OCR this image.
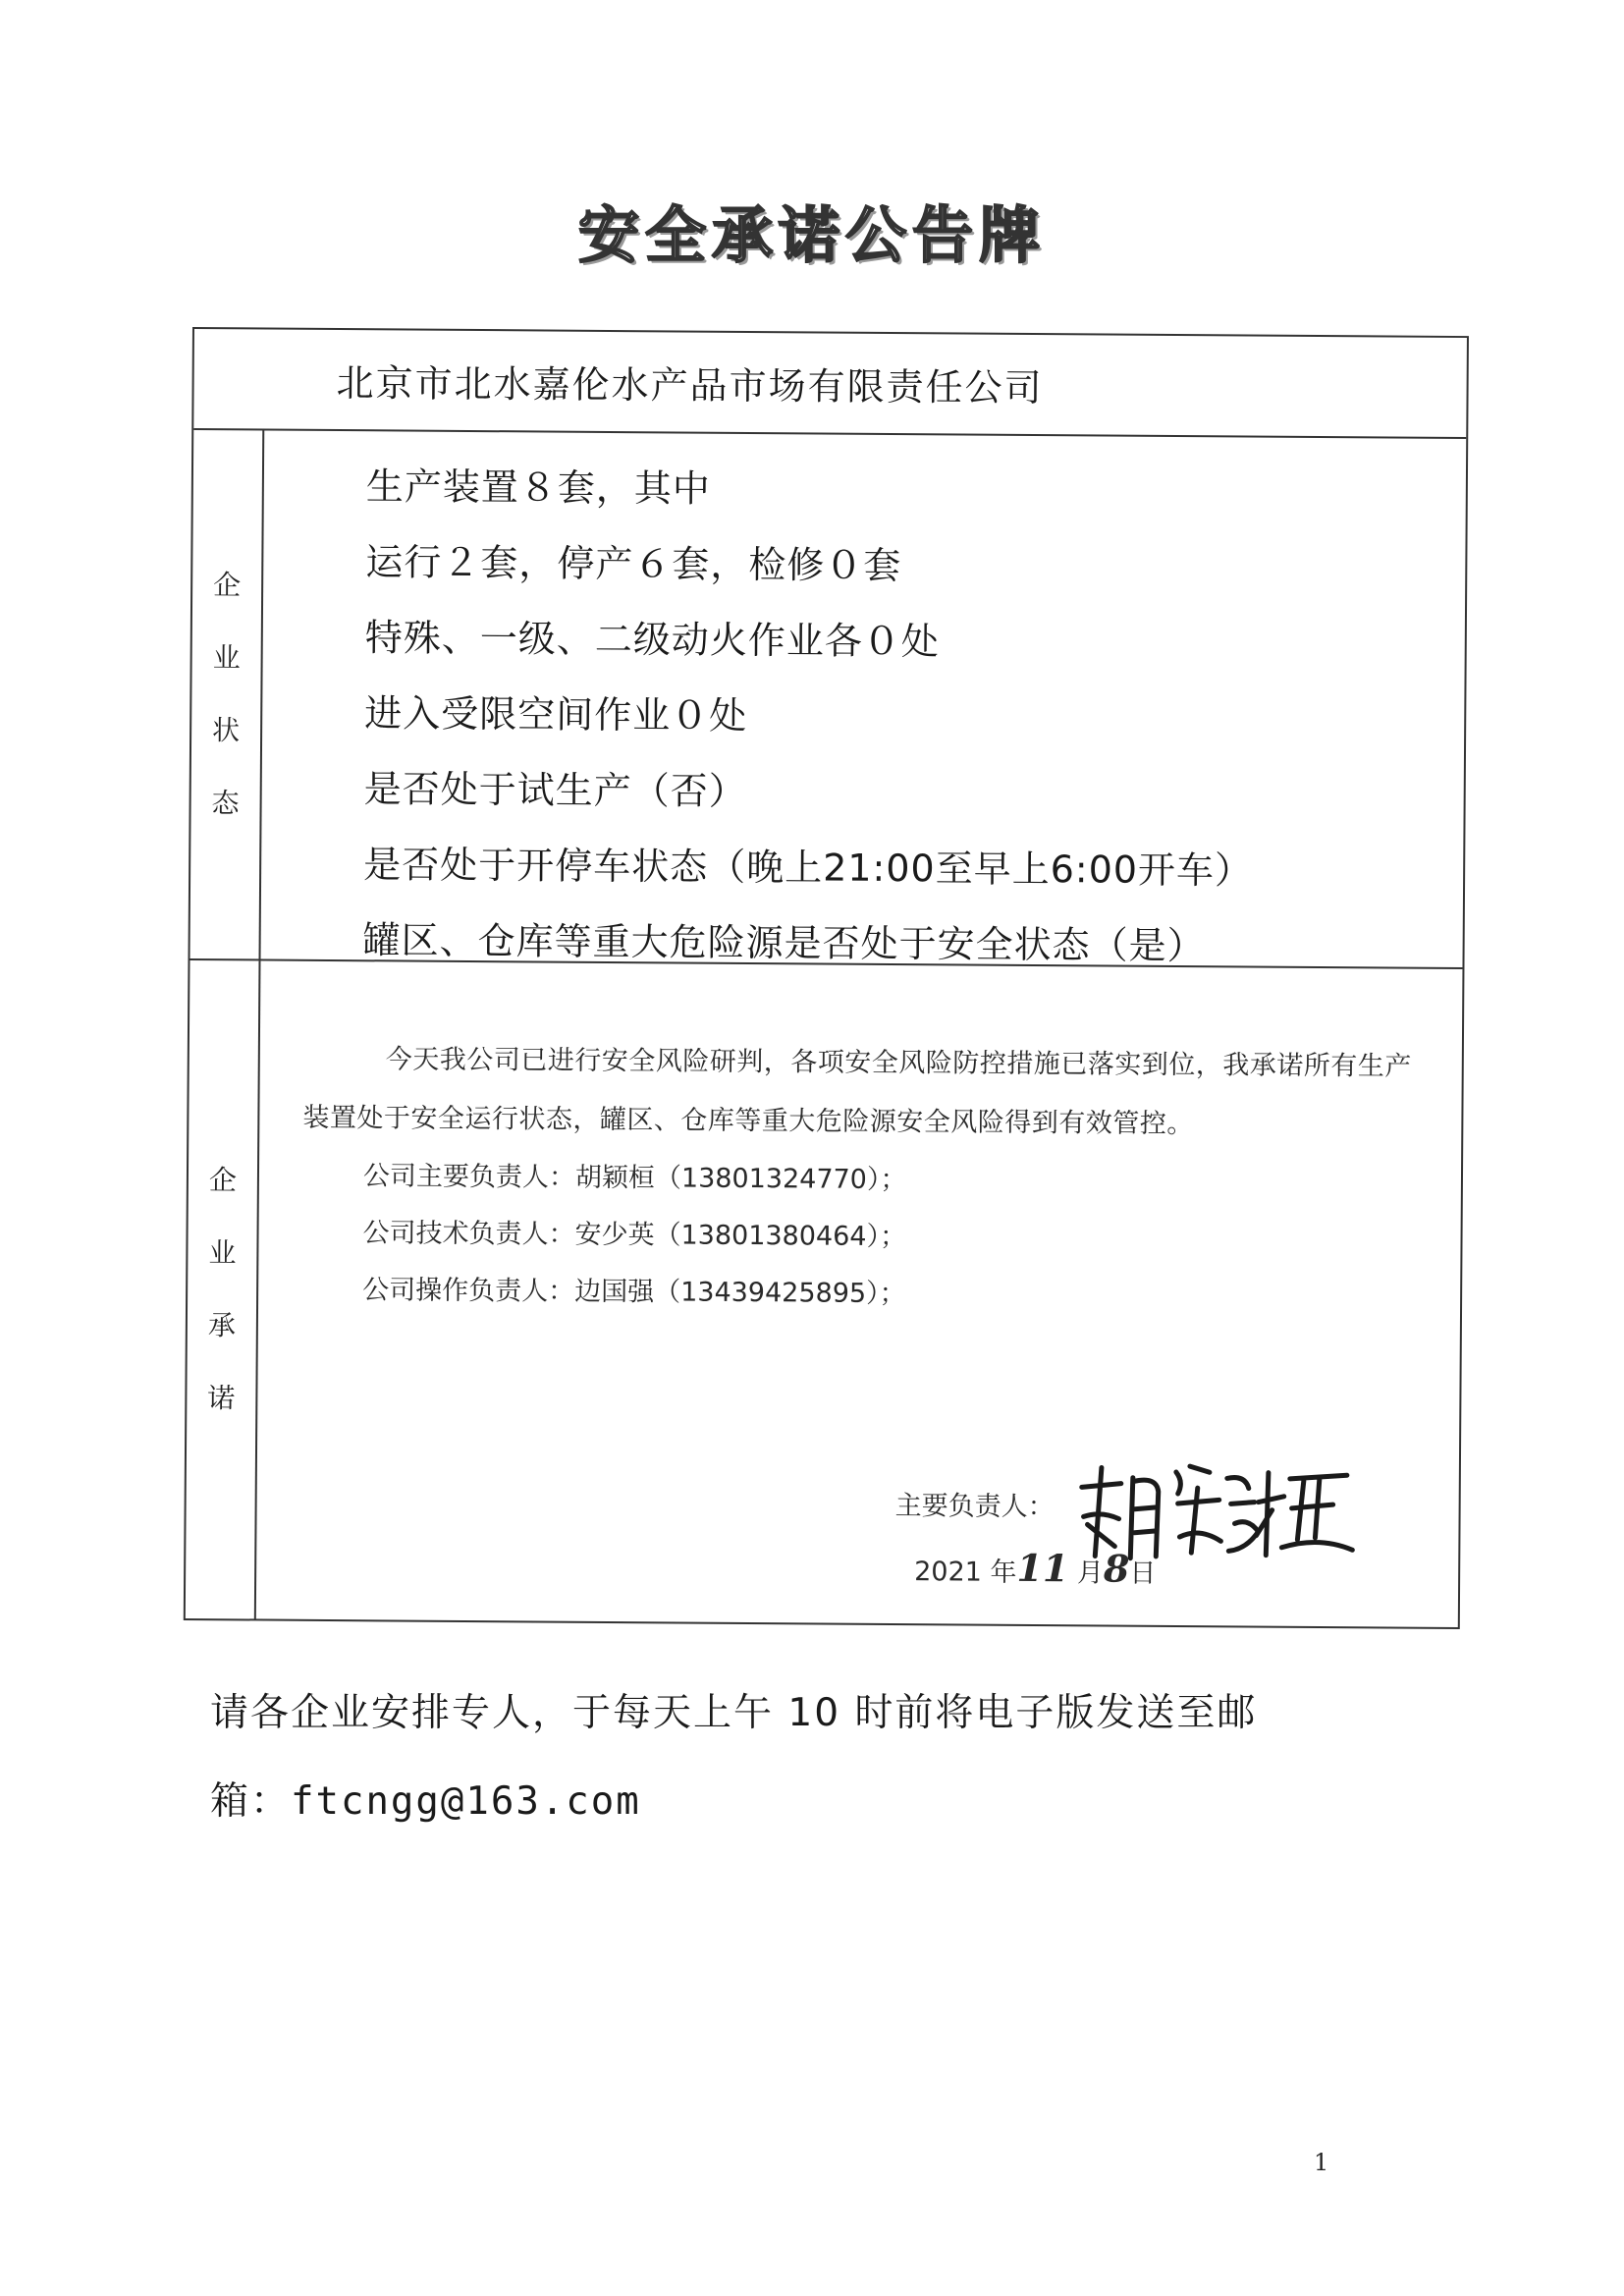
安全承诺公告牌
北京市北水嘉伦水产品市场有限责任公司
企
业
状
态
生产装置８套，其中
运行２套，停产６套，检修０套
特殊、一级、二级动火作业各０处
进入受限空间作业０处
是否处于试生产（否）
是否处于开停车状态（晚上21:00至早上6:00开车）
罐区、仓库等重大危险源是否处于安全状态（是）
企
业
承
诺
今天我公司已进行安全风险研判，各项安全风险防控措施已落实到位，我承诺所有生产装置处于安全运行状态，罐区、仓库等重大危险源安全风险得到有效管控。
公司主要负责人：胡颖桓（13801324770）；
公司技术负责人：安少英（13801380464）；
公司操作负责人：边国强（13439425895）；
主要负责人：
2021 年11 月8日
请各企业安排专人，于每天上午 10 时前将电子版发送至邮
箱：ftcngg@163.com
1
